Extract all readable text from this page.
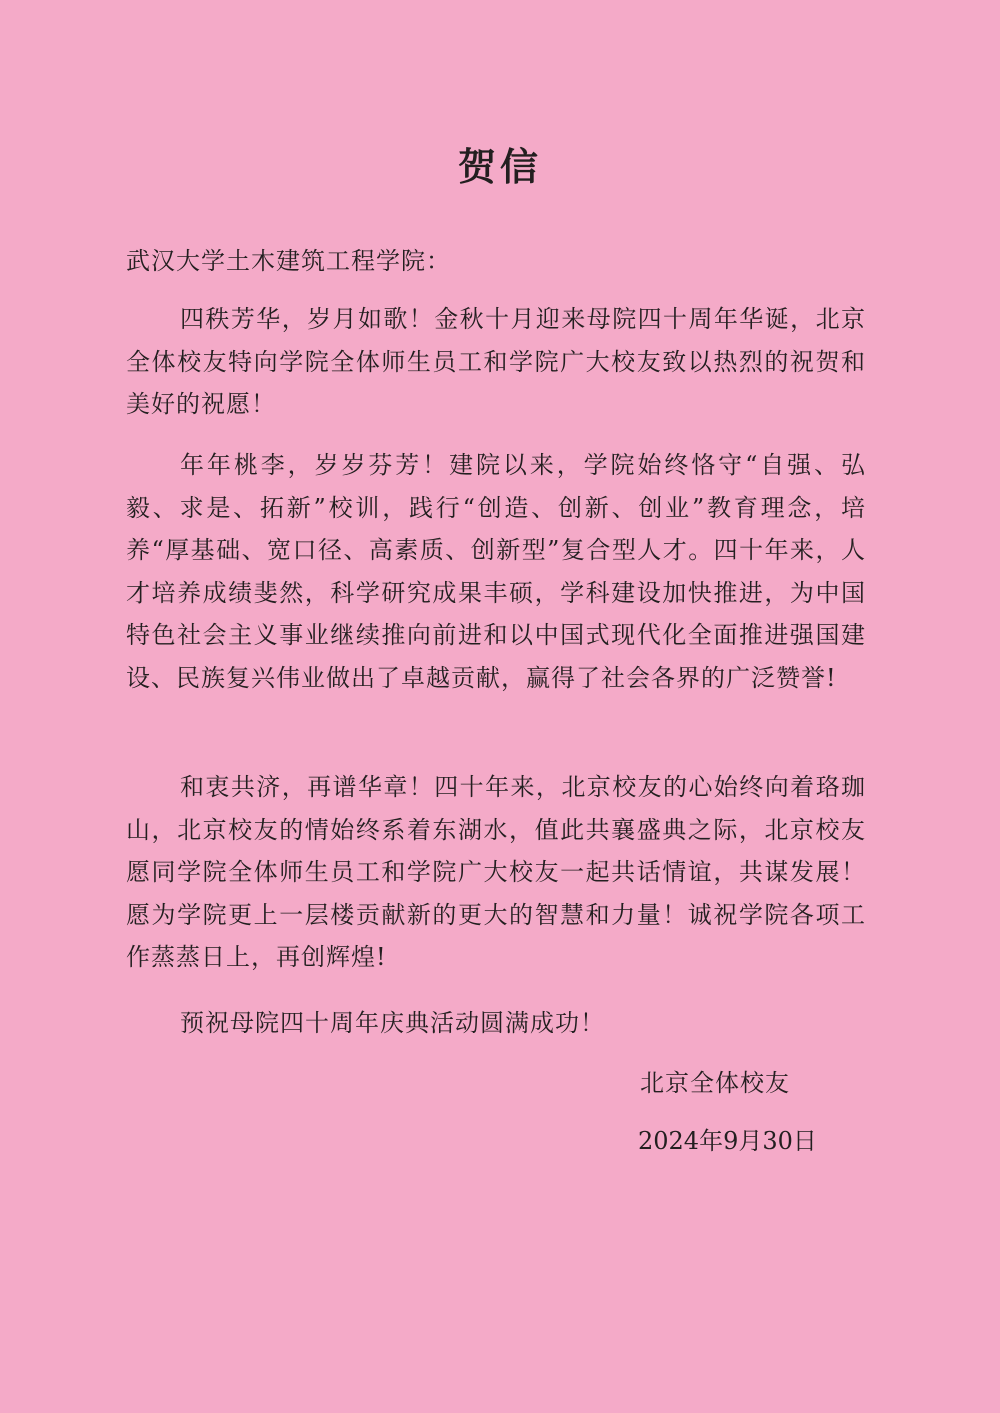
贺信
武汉大学土木建筑工程学院：
四秩芳华，岁月如歌！金秋十月迎来母院四十周年华诞，北京全体校友特向学院全体师生员工和学院广大校友致以热烈的祝贺和美好的祝愿！
年年桃李，岁岁芬芳！建院以来，学院始终恪守“自强、弘毅、求是、拓新”校训，践行“创造、创新、创业”教育理念，培养“厚基础、宽口径、高素质、创新型”复合型人才。四十年来，人才培养成绩斐然，科学研究成果丰硕，学科建设加快推进，为中国特色社会主义事业继续推向前进和以中国式现代化全面推进强国建设、民族复兴伟业做出了卓越贡献，赢得了社会各界的广泛赞誉!
和衷共济，再谱华章！四十年来，北京校友的心始终向着珞珈山，北京校友的情始终系着东湖水，值此共襄盛典之际，北京校友愿同学院全体师生员工和学院广大校友一起共话情谊，共谋发展！愿为学院更上一层楼贡献新的更大的智慧和力量！诚祝学院各项工作蒸蒸日上，再创辉煌!
预祝母院四十周年庆典活动圆满成功！
北京全体校友
2024年9月30日
